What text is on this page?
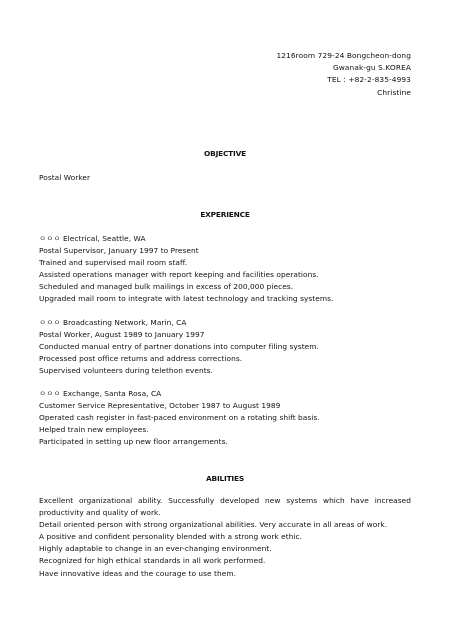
1216room 729-24 Bongcheon-dong
Gwanak-gu S.KOREA
TEL : +82-2-835-4993
Christine
OBJECTIVE
Postal Worker
EXPERIENCE
ㅇㅇㅇ Electrical, Seattle, WA
Postal Supervisor, January 1997 to Present
Trained and supervised mail room staff.
Assisted operations manager with report keeping and facilities operations.
Scheduled and managed bulk mailings in excess of 200,000 pieces.
Upgraded mail room to integrate with latest technology and tracking systems.
ㅇㅇㅇ Broadcasting Network, Marin, CA
Postal Worker, August 1989 to January 1997
Conducted manual entry of partner donations into computer filing system.
Processed post office returns and address corrections.
Supervised volunteers during telethon events.
ㅇㅇㅇ Exchange, Santa Rosa, CA
Customer Service Representative, October 1987 to August 1989
Operated cash register in fast-paced environment on a rotating shift basis.
Helped train new employees.
Participated in setting up new floor arrangements.
ABILITIES
Excellent organizational ability. Successfully developed new systems which have increased productivity and quality of work.
Detail oriented person with strong organizational abilities. Very accurate in all areas of work.
A positive and confident personality blended with a strong work ethic.
Highly adaptable to change in an ever-changing environment.
Recognized for high ethical standards in all work performed.
Have innovative ideas and the courage to use them.
